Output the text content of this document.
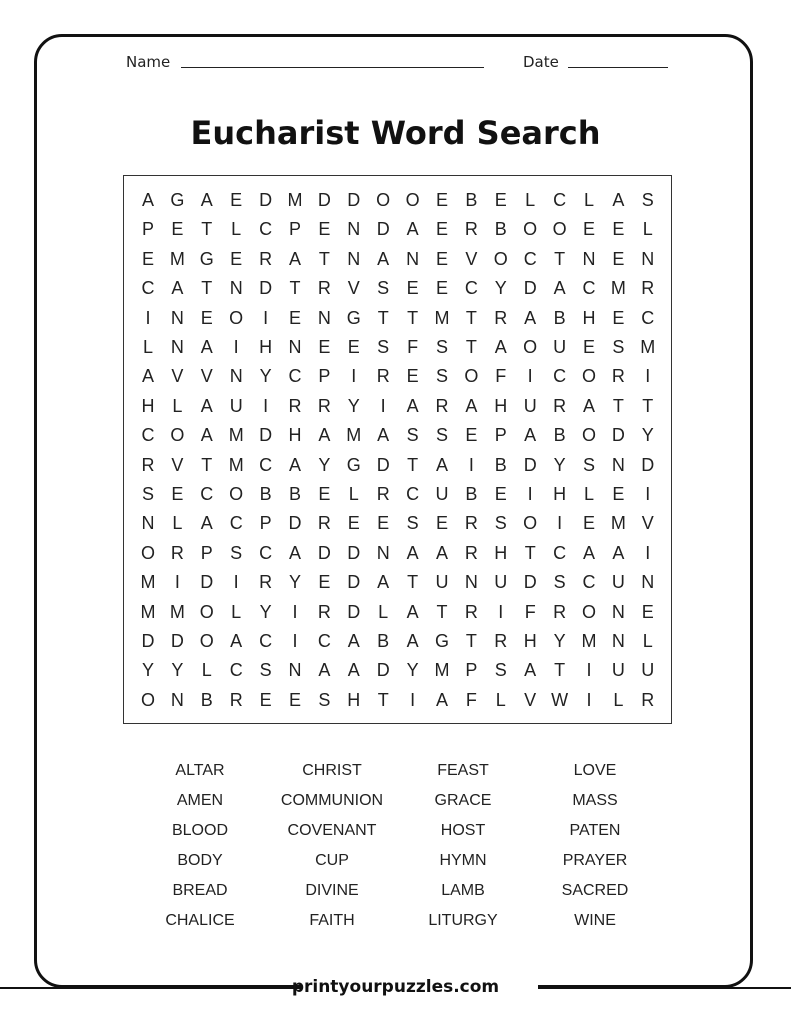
Name	Date
Eucharist Word Search
A G A E D M D D O O E B E	L C L	A S
P E T	L C P E N D A E R B O O E E	L
E M G E R A T N A N E V O C T N E N
C A T N D T R V S E E C Y D A C M R
I	N E O	I	E N G T	T M T R A B H E C
L N A	I	H N E E S F S T A O U E S M
A V V N Y C P	I	R E S O F	I	C O R	I
H L	A U	I	R R Y	I	A R A H U R A T	T
C O A M D H A M A S S E P A B O D Y
R V T M C A Y G D T A	I	B D Y S N D
S E C O B B E	L R C U B E	I	H L	E	I
N L	A C P D R E E S E R S O	I	E M V
O R P S C A D D N A A R H T C A A	I
M	I	D	I	R Y E D A T U N U D S C U N
M M O L	Y	I	R D L	A T R	I	F R O N E
D D O A C	I	C A B A G T R H Y M N L
Y Y	L C S N A A D Y M P S A T	I	U U
O N B R E E S H T	I	A F	L	V W	I	L R
ALTAR	CHRIST	FEAST	LOVE
AMEN	COMMUNION	GRACE	MASS
BLOOD	COVENANT	HOST	PATEN
BODY	CUP	HYMN	PRAYER
BREAD	DIVINE	LAMB	SACRED
CHALICE	FAITH	LITURGY	WINE
printyourpuzzles.com
